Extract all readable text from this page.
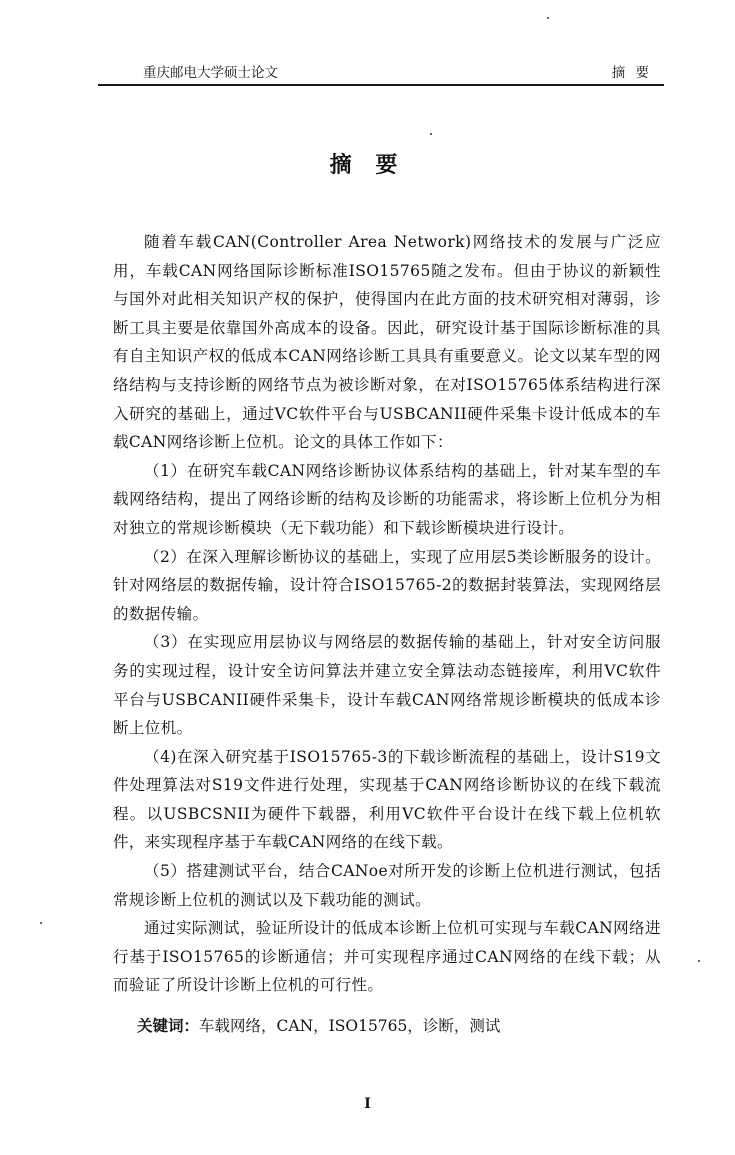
重庆邮电大学硕士论文	摘 要
摘 要

随着车载CAN(Controller Area Network)网络技术的发展与广泛应用，车载CAN网络国际诊断标准ISO15765随之发布。但由于协议的新颖性与国外对此相关知识产权的保护，使得国内在此方面的技术研究相对薄弱，诊断工具主要是依靠国外高成本的设备。因此，研究设计基于国际诊断标准的具有自主知识产权的低成本CAN网络诊断工具具有重要意义。论文以某车型的网络结构与支持诊断的网络节点为被诊断对象，在对ISO15765体系结构进行深入研究的基础上，通过VC软件平台与USBCANII硬件采集卡设计低成本的车载CAN网络诊断上位机。论文的具体工作如下：

（1）在研究车载CAN网络诊断协议体系结构的基础上，针对某车型的车载网络结构，提出了网络诊断的结构及诊断的功能需求，将诊断上位机分为相对独立的常规诊断模块（无下载功能）和下载诊断模块进行设计。

（2）在深入理解诊断协议的基础上，实现了应用层5类诊断服务的设计。针对网络层的数据传输，设计符合ISO15765-2的数据封装算法，实现网络层的数据传输。

（3）在实现应用层协议与网络层的数据传输的基础上，针对安全访问服务的实现过程，设计安全访问算法并建立安全算法动态链接库，利用VC软件平台与USBCANII硬件采集卡，设计车载CAN网络常规诊断模块的低成本诊断上位机。

（4)在深入研究基于ISO15765-3的下载诊断流程的基础上，设计S19文件处理算法对S19文件进行处理，实现基于CAN网络诊断协议的在线下载流程。以USBCSNII为硬件下载器，利用VC软件平台设计在线下载上位机软件，来实现程序基于车载CAN网络的在线下载。

（5）搭建测试平台，结合CANoe对所开发的诊断上位机进行测试，包括常规诊断上位机的测试以及下载功能的测试。

通过实际测试，验证所设计的低成本诊断上位机可实现与车载CAN网络进行基于ISO15765的诊断通信；并可实现程序通过CAN网络的在线下载；从而验证了所设计诊断上位机的可行性。

关键词：车载网络，CAN，ISO15765，诊断，测试
I
